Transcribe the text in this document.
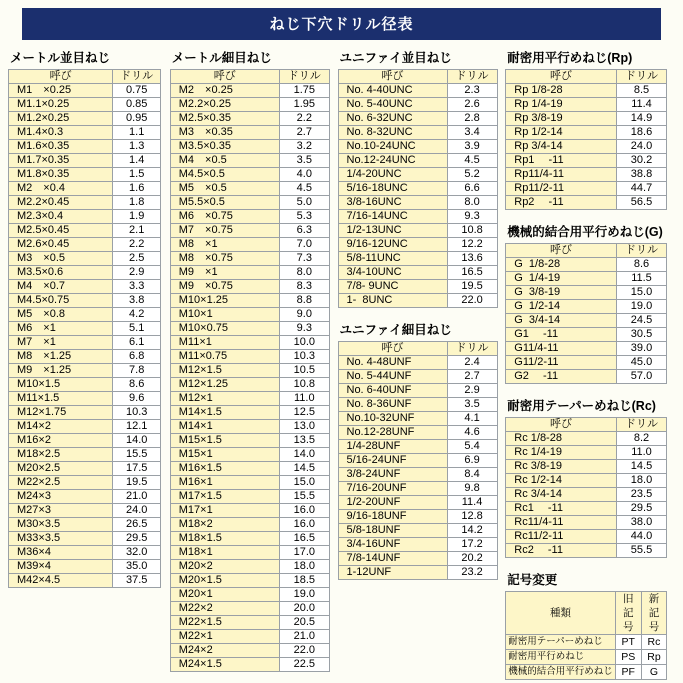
ねじ下穴ドリル径表
メートル並目ねじ
呼び	ドリル
M1　×0.25	0.75
M1.1×0.25	0.85
M1.2×0.25	0.95
M1.4×0.3	1.1
M1.6×0.35	1.3
M1.7×0.35	1.4
M1.8×0.35	1.5
M2　×0.4	1.6
M2.2×0.45	1.8
M2.3×0.4	1.9
M2.5×0.45	2.1
M2.6×0.45	2.2
M3　×0.5	2.5
M3.5×0.6	2.9
M4　×0.7	3.3
M4.5×0.75	3.8
M5　×0.8	4.2
M6　×1	5.1
M7　×1	6.1
M8　×1.25	6.8
M9　×1.25	7.8
M10×1.5	8.6
M11×1.5	9.6
M12×1.75	10.3
M14×2	12.1
M16×2	14.0
M18×2.5	15.5
M20×2.5	17.5
M22×2.5	19.5
M24×3	21.0
M27×3	24.0
M30×3.5	26.5
M33×3.5	29.5
M36×4	32.0
M39×4	35.0
M42×4.5	37.5
メートル細目ねじ
呼び	ドリル
M2　×0.25	1.75
M2.2×0.25	1.95
M2.5×0.35	2.2
M3　×0.35	2.7
M3.5×0.35	3.2
M4　×0.5	3.5
M4.5×0.5	4.0
M5　×0.5	4.5
M5.5×0.5	5.0
M6　×0.75	5.3
M7　×0.75	6.3
M8　×1	7.0
M8　×0.75	7.3
M9　×1	8.0
M9　×0.75	8.3
M10×1.25	8.8
M10×1	9.0
M10×0.75	9.3
M11×1	10.0
M11×0.75	10.3
M12×1.5	10.5
M12×1.25	10.8
M12×1	11.0
M14×1.5	12.5
M14×1	13.0
M15×1.5	13.5
M15×1	14.0
M16×1.5	14.5
M16×1	15.0
M17×1.5	15.5
M17×1	16.0
M18×2	16.0
M18×1.5	16.5
M18×1	17.0
M20×2	18.0
M20×1.5	18.5
M20×1	19.0
M22×2	20.0
M22×1.5	20.5
M22×1	21.0
M24×2	22.0
M24×1.5	22.5
ユニファイ並目ねじ
呼び	ドリル
No. 4-40UNC	2.3
No. 5-40UNC	2.6
No. 6-32UNC	2.8
No. 8-32UNC	3.4
No.10-24UNC	3.9
No.12-24UNC	4.5
1/4-20UNC	5.2
5/16-18UNC	6.6
3/8-16UNC	8.0
7/16-14UNC	9.3
1/2-13UNC	10.8
9/16-12UNC	12.2
5/8-11UNC	13.6
3/4-10UNC	16.5
7/8- 9UNC	19.5
1-  8UNC	22.0
ユニファイ細目ねじ
呼び	ドリル
No. 4-48UNF	2.4
No. 5-44UNF	2.7
No. 6-40UNF	2.9
No. 8-36UNF	3.5
No.10-32UNF	4.1
No.12-28UNF	4.6
1/4-28UNF	5.4
5/16-24UNF	6.9
3/8-24UNF	8.4
7/16-20UNF	9.8
1/2-20UNF	11.4
9/16-18UNF	12.8
5/8-18UNF	14.2
3/4-16UNF	17.2
7/8-14UNF	20.2
1-12UNF	23.2
耐密用平行めねじ(Rp)
呼び	ドリル
Rp 1/8-28	8.5
Rp 1/4-19	11.4
Rp 3/8-19	14.9
Rp 1/2-14	18.6
Rp 3/4-14	24.0
Rp1　 -11	30.2
Rp11/4-11	38.8
Rp11/2-11	44.7
Rp2　 -11	56.5
機械的結合用平行めねじ(G)
呼び	ドリル
G  1/8-28	8.6
G  1/4-19	11.5
G  3/8-19	15.0
G  1/2-14	19.0
G  3/4-14	24.5
G1　 -11	30.5
G11/4-11	39.0
G11/2-11	45.0
G2　 -11	57.0
耐密用テーパーめねじ(Rc)
呼び	ドリル
Rc 1/8-28	8.2
Rc 1/4-19	11.0
Rc 3/8-19	14.5
Rc 1/2-14	18.0
Rc 3/4-14	23.5
Rc1　 -11	29.5
Rc11/4-11	38.0
Rc11/2-11	44.0
Rc2　 -11	55.5
記号変更
種類	旧記号	新記号
耐密用テーパーめねじ	PT	Rc
耐密用平行めねじ	PS	Rp
機械的結合用平行めねじ	PF	G
